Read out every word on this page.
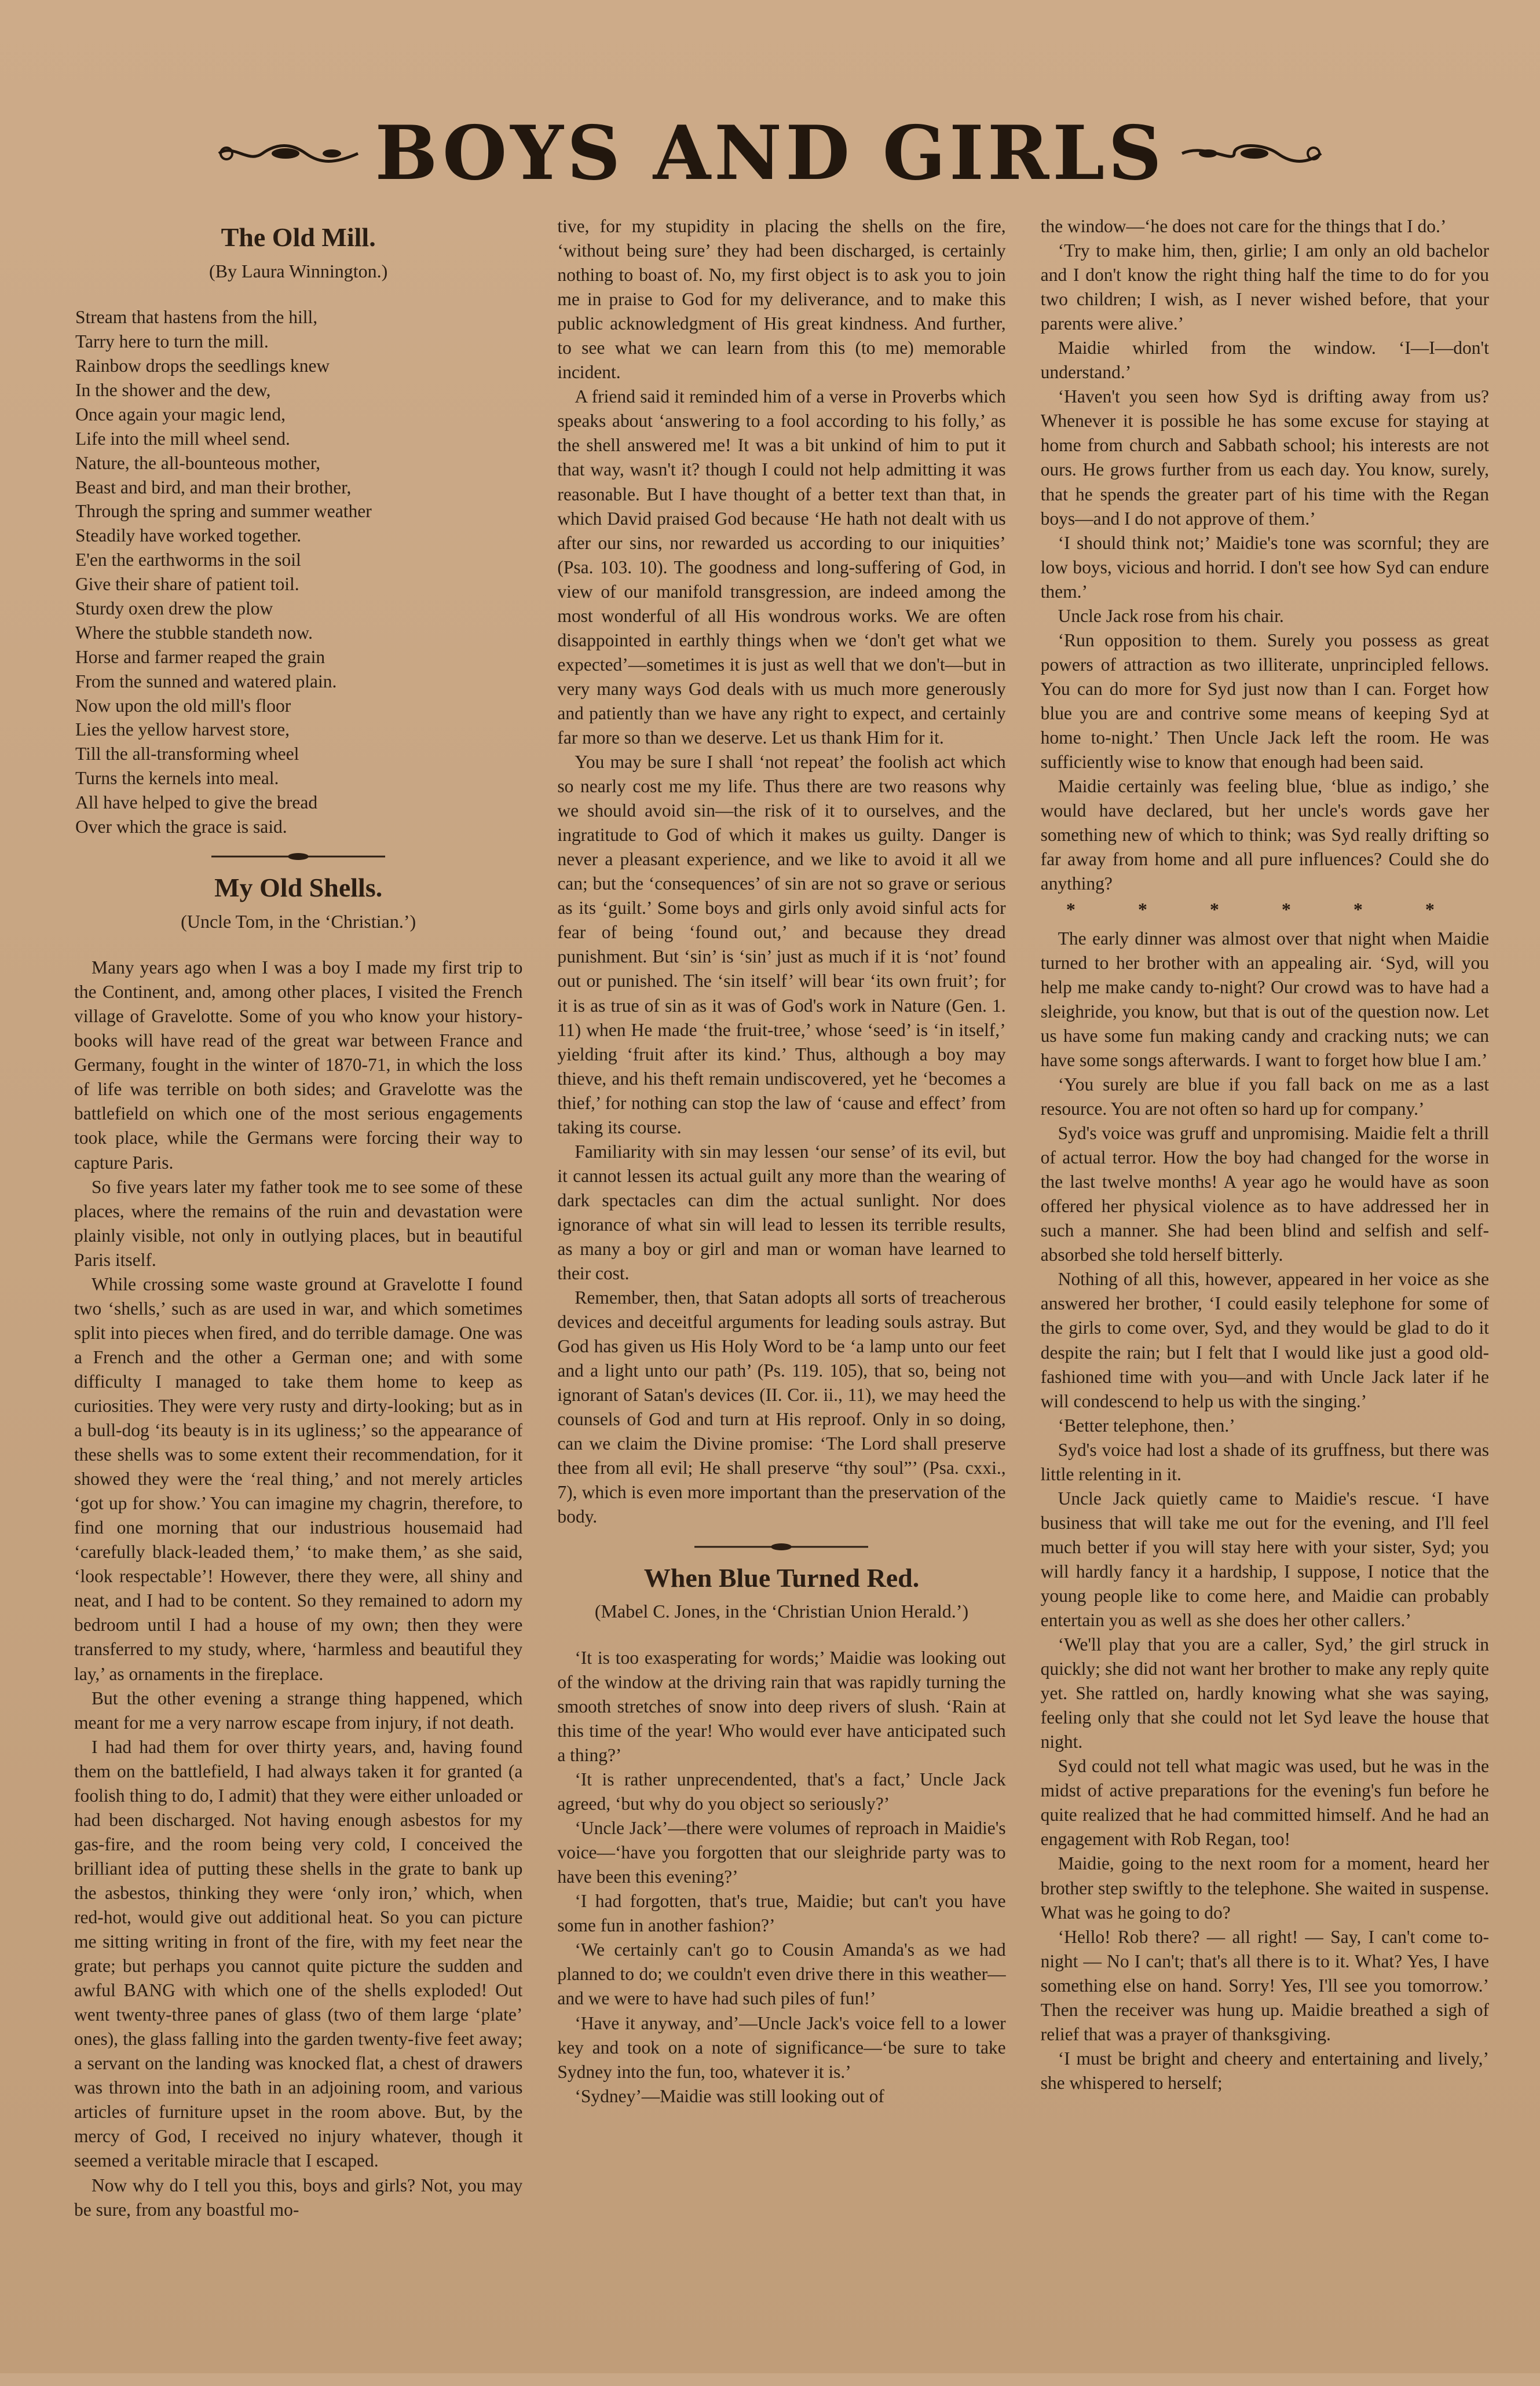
BOYS AND GIRLS
The Old Mill.
(By Laura Winnington.)
Stream that hastens from the hill,
Tarry here to turn the mill.
Rainbow drops the seedlings knew
In the shower and the dew,
Once again your magic lend,
Life into the mill wheel send.
Nature, the all-bounteous mother,
Beast and bird, and man their brother,
Through the spring and summer weather
Steadily have worked together.
E'en the earthworms in the soil
Give their share of patient toil.
Sturdy oxen drew the plow
Where the stubble standeth now.
Horse and farmer reaped the grain
From the sunned and watered plain.
Now upon the old mill's floor
Lies the yellow harvest store,
Till the all-transforming wheel
Turns the kernels into meal.
All have helped to give the bread
Over which the grace is said.
My Old Shells.
(Uncle Tom, in the ‘Christian.’)

Many years ago when I was a boy I made my first trip to the Continent, and, among other places, I visited the French village of Gravelotte. Some of you who know your history-books will have read of the great war between France and Germany, fought in the winter of 1870-71, in which the loss of life was terrible on both sides; and Gravelotte was the battlefield on which one of the most serious engagements took place, while the Germans were forcing their way to capture Paris.

So five years later my father took me to see some of these places, where the remains of the ruin and devastation were plainly visible, not only in outlying places, but in beautiful Paris itself.

While crossing some waste ground at Gravelotte I found two ‘shells,’ such as are used in war, and which sometimes split into pieces when fired, and do terrible damage. One was a French and the other a German one; and with some difficulty I managed to take them home to keep as curiosities. They were very rusty and dirty-looking; but as in a bull-dog ‘its beauty is in its ugliness;’ so the appearance of these shells was to some extent their recommendation, for it showed they were the ‘real thing,’ and not merely articles ‘got up for show.’ You can imagine my chagrin, therefore, to find one morning that our industrious housemaid had ‘carefully black-leaded them,’ ‘to make them,’ as she said, ‘look respectable’! However, there they were, all shiny and neat, and I had to be content. So they remained to adorn my bedroom until I had a house of my own; then they were transferred to my study, where, ‘harmless and beautiful they lay,’ as ornaments in the fireplace.

But the other evening a strange thing happened, which meant for me a very narrow escape from injury, if not death.

I had had them for over thirty years, and, having found them on the battlefield, I had always taken it for granted (a foolish thing to do, I admit) that they were either unloaded or had been discharged. Not having enough asbestos for my gas-fire, and the room being very cold, I conceived the brilliant idea of putting these shells in the grate to bank up the asbestos, thinking they were ‘only iron,’ which, when red-hot, would give out additional heat. So you can picture me sitting writing in front of the fire, with my feet near the grate; but perhaps you cannot quite picture the sudden and awful BANG with which one of the shells exploded! Out went twenty-three panes of glass (two of them large ‘plate’ ones), the glass falling into the garden twenty-five feet away; a servant on the landing was knocked flat, a chest of drawers was thrown into the bath in an adjoining room, and various articles of furniture upset in the room above. But, by the mercy of God, I received no injury whatever, though it seemed a veritable miracle that I escaped.

Now why do I tell you this, boys and girls? Not, you may be sure, from any boastful mo-

tive, for my stupidity in placing the shells on the fire, ‘without being sure’ they had been discharged, is certainly nothing to boast of. No, my first object is to ask you to join me in praise to God for my deliverance, and to make this public acknowledgment of His great kindness. And further, to see what we can learn from this (to me) memorable incident.

A friend said it reminded him of a verse in Proverbs which speaks about ‘answering to a fool according to his folly,’ as the shell answered me! It was a bit unkind of him to put it that way, wasn't it? though I could not help admitting it was reasonable. But I have thought of a better text than that, in which David praised God because ‘He hath not dealt with us after our sins, nor rewarded us according to our iniquities’ (Psa. 103. 10). The goodness and long-suffering of God, in view of our manifold transgression, are indeed among the most wonderful of all His wondrous works. We are often disappointed in earthly things when we ‘don't get what we expected’—sometimes it is just as well that we don't—but in very many ways God deals with us much more generously and patiently than we have any right to expect, and certainly far more so than we deserve. Let us thank Him for it.

You may be sure I shall ‘not repeat’ the foolish act which so nearly cost me my life. Thus there are two reasons why we should avoid sin—the risk of it to ourselves, and the ingratitude to God of which it makes us guilty. Danger is never a pleasant experience, and we like to avoid it all we can; but the ‘consequences’ of sin are not so grave or serious as its ‘guilt.’ Some boys and girls only avoid sinful acts for fear of being ‘found out,’ and because they dread punishment. But ‘sin’ is ‘sin’ just as much if it is ‘not’ found out or punished. The ‘sin itself’ will bear ‘its own fruit’; for it is as true of sin as it was of God's work in Nature (Gen. 1. 11) when He made ‘the fruit-tree,’ whose ‘seed’ is ‘in itself,’ yielding ‘fruit after its kind.’ Thus, although a boy may thieve, and his theft remain undiscovered, yet he ‘becomes a thief,’ for nothing can stop the law of ‘cause and effect’ from taking its course.

Familiarity with sin may lessen ‘our sense’ of its evil, but it cannot lessen its actual guilt any more than the wearing of dark spectacles can dim the actual sunlight. Nor does ignorance of what sin will lead to lessen its terrible results, as many a boy or girl and man or woman have learned to their cost.

Remember, then, that Satan adopts all sorts of treacherous devices and deceitful arguments for leading souls astray. But God has given us His Holy Word to be ‘a lamp unto our feet and a light unto our path’ (Ps. 119. 105), that so, being not ignorant of Satan's devices (II. Cor. ii., 11), we may heed the counsels of God and turn at His reproof. Only in so doing, can we claim the Divine promise: ‘The Lord shall preserve thee from all evil; He shall preserve “thy soul”’ (Psa. cxxi., 7), which is even more important than the preservation of the body.

When Blue Turned Red.
(Mabel C. Jones, in the ‘Christian Union Herald.’)

‘It is too exasperating for words;’ Maidie was looking out of the window at the driving rain that was rapidly turning the smooth stretches of snow into deep rivers of slush. ‘Rain at this time of the year! Who would ever have anticipated such a thing?’

‘It is rather unprecendented, that's a fact,’ Uncle Jack agreed, ‘but why do you object so seriously?’

‘Uncle Jack’—there were volumes of reproach in Maidie's voice—‘have you forgotten that our sleighride party was to have been this evening?’

‘I had forgotten, that's true, Maidie; but can't you have some fun in another fashion?’

‘We certainly can't go to Cousin Amanda's as we had planned to do; we couldn't even drive there in this weather—and we were to have had such piles of fun!’

‘Have it anyway, and’—Uncle Jack's voice fell to a lower key and took on a note of significance—‘be sure to take Sydney into the fun, too, whatever it is.’

‘Sydney’—Maidie was still looking out of

the window—‘he does not care for the things that I do.’

‘Try to make him, then, girlie; I am only an old bachelor and I don't know the right thing half the time to do for you two children; I wish, as I never wished before, that your parents were alive.’

Maidie whirled from the window. ‘I—I—don't understand.’

‘Haven't you seen how Syd is drifting away from us? Whenever it is possible he has some excuse for staying at home from church and Sabbath school; his interests are not ours. He grows further from us each day. You know, surely, that he spends the greater part of his time with the Regan boys—and I do not approve of them.’

‘I should think not;’ Maidie's tone was scornful; they are low boys, vicious and horrid. I don't see how Syd can endure them.’

Uncle Jack rose from his chair.

‘Run opposition to them. Surely you possess as great powers of attraction as two illiterate, unprincipled fellows. You can do more for Syd just now than I can. Forget how blue you are and contrive some means of keeping Syd at home to-night.’ Then Uncle Jack left the room. He was sufficiently wise to know that enough had been said.

Maidie certainly was feeling blue, ‘blue as indigo,’ she would have declared, but her uncle's words gave her something new of which to think; was Syd really drifting so far away from home and all pure influences? Could she do anything?

* * * * * *

The early dinner was almost over that night when Maidie turned to her brother with an appealing air. ‘Syd, will you help me make candy to-night? Our crowd was to have had a sleighride, you know, but that is out of the question now. Let us have some fun making candy and cracking nuts; we can have some songs afterwards. I want to forget how blue I am.’

‘You surely are blue if you fall back on me as a last resource. You are not often so hard up for company.’

Syd's voice was gruff and unpromising. Maidie felt a thrill of actual terror. How the boy had changed for the worse in the last twelve months! A year ago he would have as soon offered her physical violence as to have addressed her in such a manner. She had been blind and selfish and self-absorbed she told herself bitterly.

Nothing of all this, however, appeared in her voice as she answered her brother, ‘I could easily telephone for some of the girls to come over, Syd, and they would be glad to do it despite the rain; but I felt that I would like just a good old-fashioned time with you—and with Uncle Jack later if he will condescend to help us with the singing.’

‘Better telephone, then.’

Syd's voice had lost a shade of its gruffness, but there was little relenting in it.

Uncle Jack quietly came to Maidie's rescue. ‘I have business that will take me out for the evening, and I'll feel much better if you will stay here with your sister, Syd; you will hardly fancy it a hardship, I suppose, I notice that the young people like to come here, and Maidie can probably entertain you as well as she does her other callers.’

‘We'll play that you are a caller, Syd,’ the girl struck in quickly; she did not want her brother to make any reply quite yet. She rattled on, hardly knowing what she was saying, feeling only that she could not let Syd leave the house that night.

Syd could not tell what magic was used, but he was in the midst of active preparations for the evening's fun before he quite realized that he had committed himself. And he had an engagement with Rob Regan, too!

Maidie, going to the next room for a moment, heard her brother step swiftly to the telephone. She waited in suspense. What was he going to do?

‘Hello! Rob there? — all right! — Say, I can't come to-night — No I can't; that's all there is to it. What? Yes, I have something else on hand. Sorry! Yes, I'll see you tomorrow.’ Then the receiver was hung up. Maidie breathed a sigh of relief that was a prayer of thanksgiving.

‘I must be bright and cheery and entertaining and lively,’ she whispered to herself;
